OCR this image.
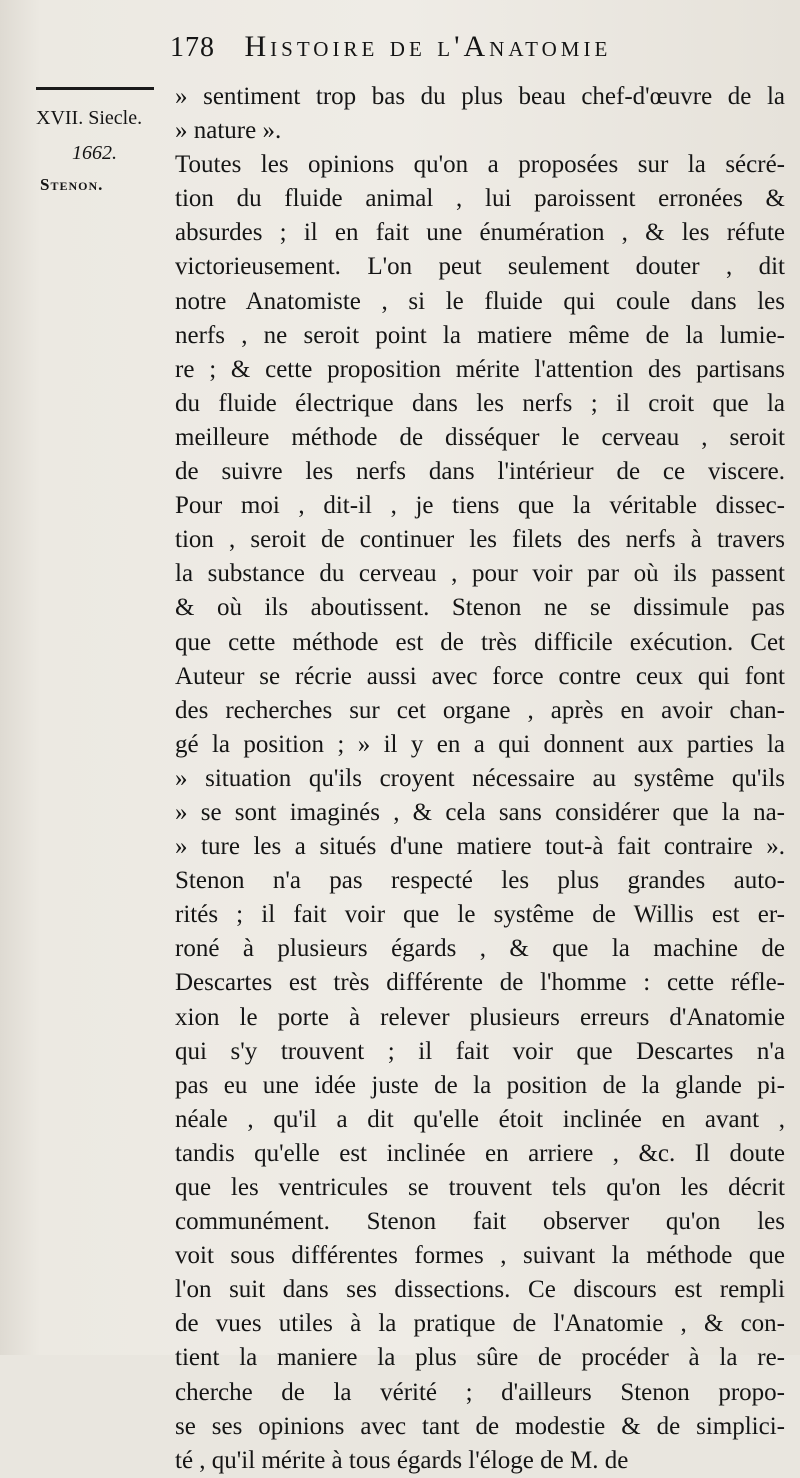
178 Histoire de l'Anatomie
XVII. Siecle.
1662.
Stenon.
» sentiment trop bas du plus beau chef-d'œuvre de la
» nature ».
Toutes les opinions qu'on a proposées sur la sécré-
tion du fluide animal , lui paroissent erronées &
absurdes ; il en fait une énumération , & les réfute
victorieusement. L'on peut seulement douter , dit
notre Anatomiste , si le fluide qui coule dans les
nerfs , ne seroit point la matiere même de la lumie-
re ; & cette proposition mérite l'attention des partisans
du fluide électrique dans les nerfs ; il croit que la
meilleure méthode de disséquer le cerveau , seroit
de suivre les nerfs dans l'intérieur de ce viscere.
Pour moi , dit-il , je tiens que la véritable dissec-
tion , seroit de continuer les filets des nerfs à travers
la substance du cerveau , pour voir par où ils passent
& où ils aboutissent. Stenon ne se dissimule pas
que cette méthode est de très difficile exécution. Cet
Auteur se récrie aussi avec force contre ceux qui font
des recherches sur cet organe , après en avoir chan-
gé la position ; » il y en a qui donnent aux parties la
» situation qu'ils croyent nécessaire au systême qu'ils
» se sont imaginés , & cela sans considérer que la na-
» ture les a situés d'une matiere tout-à fait contraire ».
Stenon n'a pas respecté les plus grandes auto-
rités ; il fait voir que le systême de Willis est er-
roné à plusieurs égards , & que la machine de
Descartes est très différente de l'homme : cette réfle-
xion le porte à relever plusieurs erreurs d'Anatomie
qui s'y trouvent ; il fait voir que Descartes n'a
pas eu une idée juste de la position de la glande pi-
néale , qu'il a dit qu'elle étoit inclinée en avant ,
tandis qu'elle est inclinée en arriere , &c. Il doute
que les ventricules se trouvent tels qu'on les décrit
communément. Stenon fait observer qu'on les
voit sous différentes formes , suivant la méthode que
l'on suit dans ses dissections. Ce discours est rempli
de vues utiles à la pratique de l'Anatomie , & con-
tient la maniere la plus sûre de procéder à la re-
cherche de la vérité ; d'ailleurs Stenon propo-
se ses opinions avec tant de modestie & de simplici-
té , qu'il mérite à tous égards l'éloge de M. de
